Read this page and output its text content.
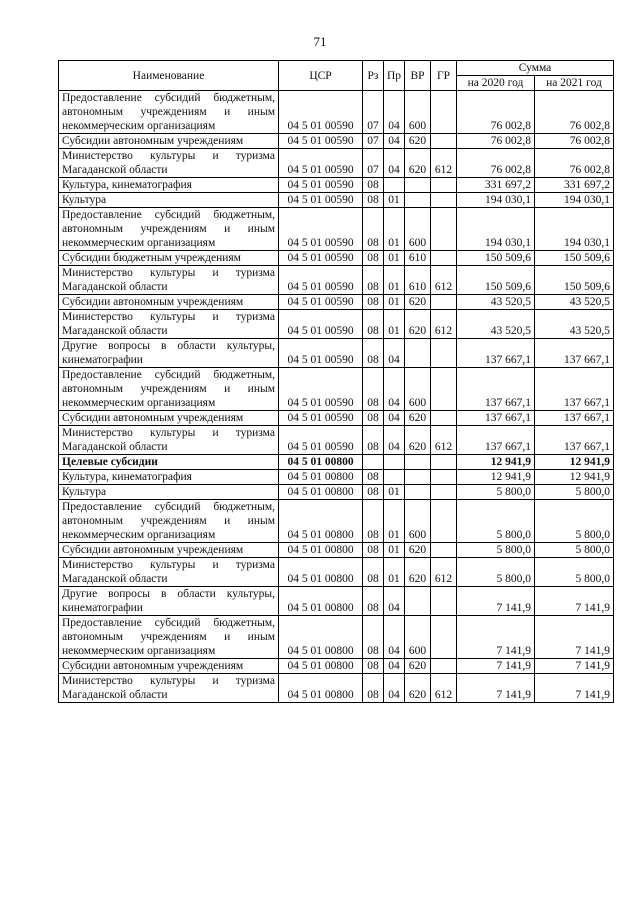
71
Наименование	ЦСР	Рз	Пр	ВР	ГР	Сумма	
						на 2020 год	на 2021 год
Предоставление субсидий бюджетным, автономным учреждениям и иным некоммерческим организациям	04 5 01 00590	07	04	600		76 002,8	76 002,8
Субсидии автономным учреждениям	04 5 01 00590	07	04	620		76 002,8	76 002,8
Министерство культуры и туризма Магаданской области	04 5 01 00590	07	04	620	612	76 002,8	76 002,8
Культура, кинематография	04 5 01 00590	08				331 697,2	331 697,2
Культура	04 5 01 00590	08	01			194 030,1	194 030,1
Предоставление субсидий бюджетным, автономным учреждениям и иным некоммерческим организациям	04 5 01 00590	08	01	600		194 030,1	194 030,1
Субсидии бюджетным учреждениям	04 5 01 00590	08	01	610		150 509,6	150 509,6
Министерство культуры и туризма Магаданской области	04 5 01 00590	08	01	610	612	150 509,6	150 509,6
Субсидии автономным учреждениям	04 5 01 00590	08	01	620		43 520,5	43 520,5
Министерство культуры и туризма Магаданской области	04 5 01 00590	08	01	620	612	43 520,5	43 520,5
Другие вопросы в области культуры, кинематографии	04 5 01 00590	08	04			137 667,1	137 667,1
Предоставление субсидий бюджетным, автономным учреждениям и иным некоммерческим организациям	04 5 01 00590	08	04	600		137 667,1	137 667,1
Субсидии автономным учреждениям	04 5 01 00590	08	04	620		137 667,1	137 667,1
Министерство культуры и туризма Магаданской области	04 5 01 00590	08	04	620	612	137 667,1	137 667,1
Целевые субсидии	04 5 01 00800					12 941,9	12 941,9
Культура, кинематография	04 5 01 00800	08				12 941,9	12 941,9
Культура	04 5 01 00800	08	01			5 800,0	5 800,0
Предоставление субсидий бюджетным, автономным учреждениям и иным некоммерческим организациям	04 5 01 00800	08	01	600		5 800,0	5 800,0
Субсидии автономным учреждениям	04 5 01 00800	08	01	620		5 800,0	5 800,0
Министерство культуры и туризма Магаданской области	04 5 01 00800	08	01	620	612	5 800,0	5 800,0
Другие вопросы в области культуры, кинематографии	04 5 01 00800	08	04			7 141,9	7 141,9
Предоставление субсидий бюджетным, автономным учреждениям и иным некоммерческим организациям	04 5 01 00800	08	04	600		7 141,9	7 141,9
Субсидии автономным учреждениям	04 5 01 00800	08	04	620		7 141,9	7 141,9
Министерство культуры и туризма Магаданской области	04 5 01 00800	08	04	620	612	7 141,9	7 141,9
